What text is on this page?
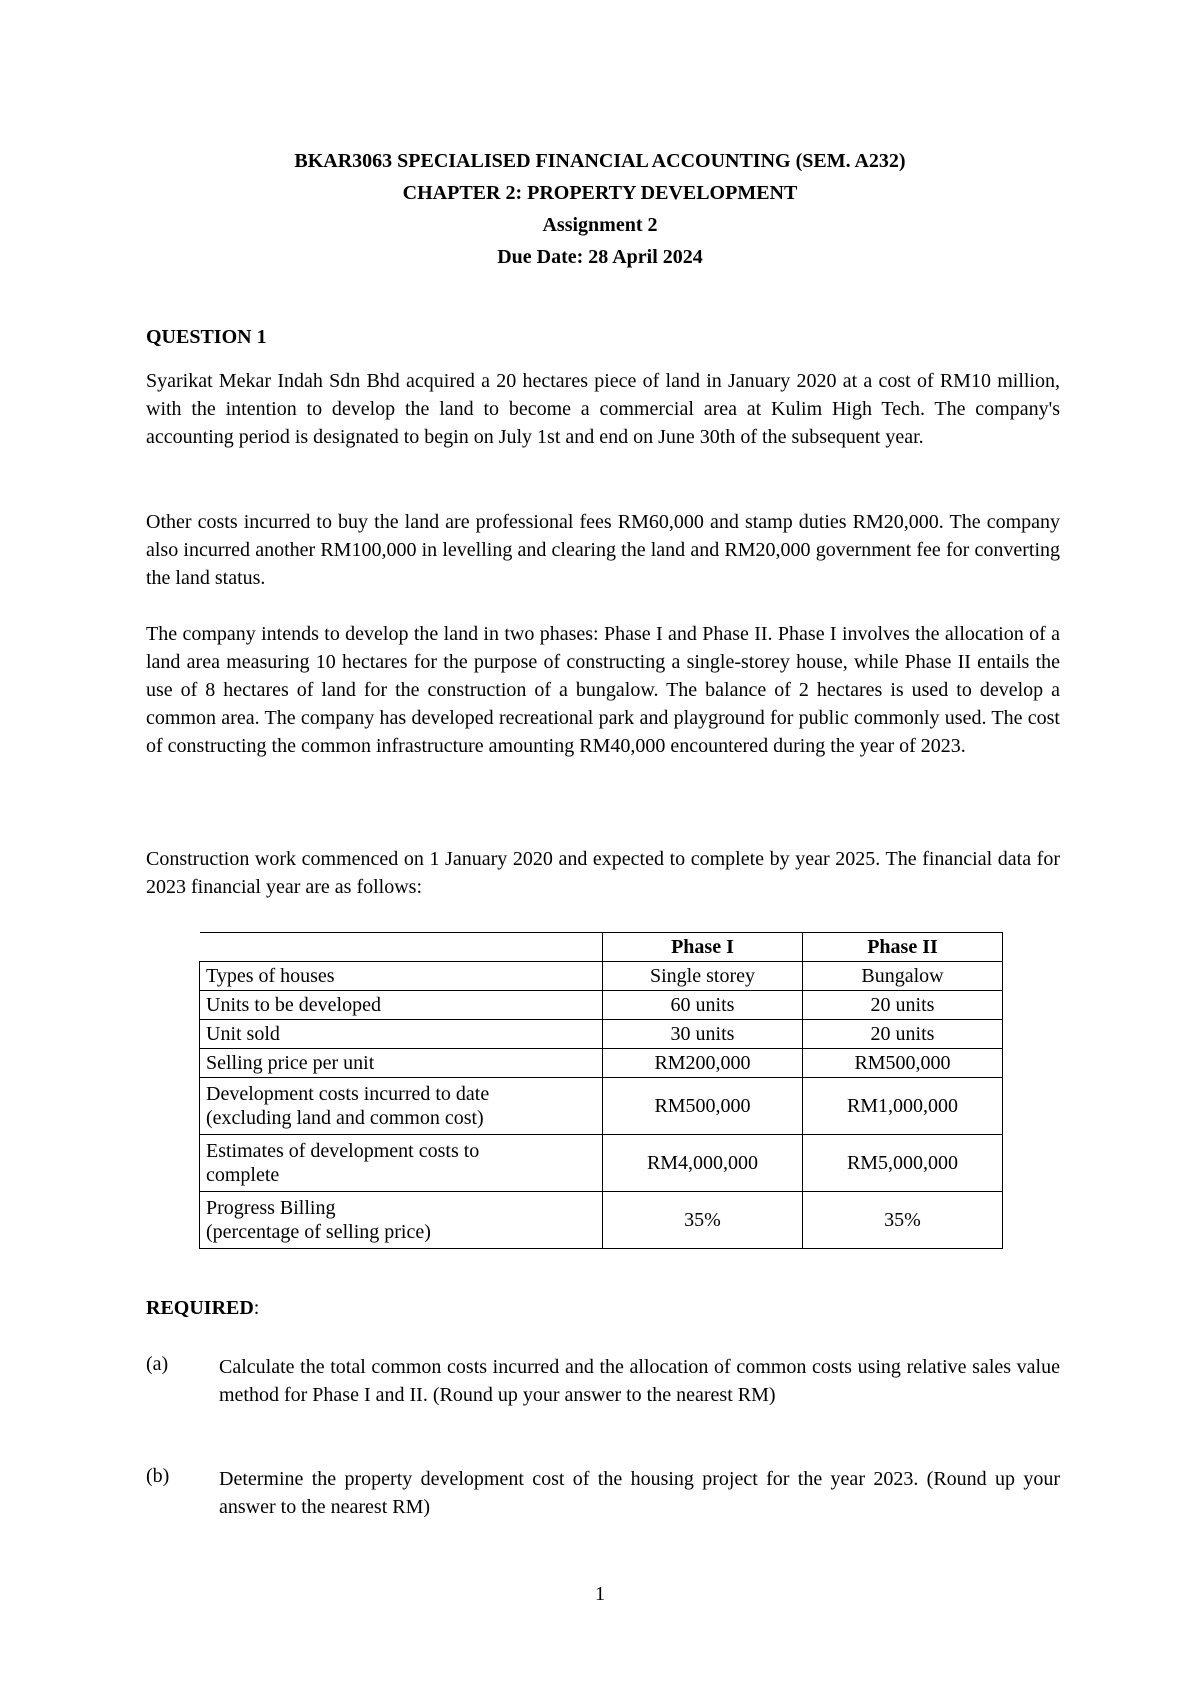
BKAR3063 SPECIALISED FINANCIAL ACCOUNTING (SEM. A232)
CHAPTER 2: PROPERTY DEVELOPMENT
Assignment 2
Due Date: 28 April 2024
QUESTION 1

Syarikat Mekar Indah Sdn Bhd acquired a 20 hectares piece of land in January 2020 at a cost of RM10 million, with the intention to develop the land to become a commercial area at Kulim High Tech. The company's accounting period is designated to begin on July 1st and end on June 30th of the subsequent year.

Other costs incurred to buy the land are professional fees RM60,000 and stamp duties RM20,000. The company also incurred another RM100,000 in levelling and clearing the land and RM20,000 government fee for converting the land status.

The company intends to develop the land in two phases: Phase I and Phase II. Phase I involves the allocation of a land area measuring 10 hectares for the purpose of constructing a single-storey house, while Phase II entails the use of 8 hectares of land for the construction of a bungalow. The balance of 2 hectares is used to develop a common area. The company has developed recreational park and playground for public commonly used. The cost of constructing the common infrastructure amounting RM40,000 encountered during the year of 2023.

Construction work commenced on 1 January 2020 and expected to complete by year 2025. The financial data for 2023 financial year are as follows:

	Phase I	Phase II
Types of houses	Single storey	Bungalow
Units to be developed	60 units	20 units
Unit sold	30 units	20 units
Selling price per unit	RM200,000	RM500,000

Development costs incurred to date
(excluding land and common cost)	RM500,000	RM1,000,000

Estimates of development costs to
complete	RM4,000,000	RM5,000,000

Progress Billing
(percentage of selling price)	35%	35%
REQUIRED:
(a)	Calculate the total common costs incurred and the allocation of common costs using relative sales value method for Phase I and II. (Round up your answer to the nearest RM)

(b) Determine the property development cost of the housing project for the year 2023. (Round up your answer to the nearest RM)

1
